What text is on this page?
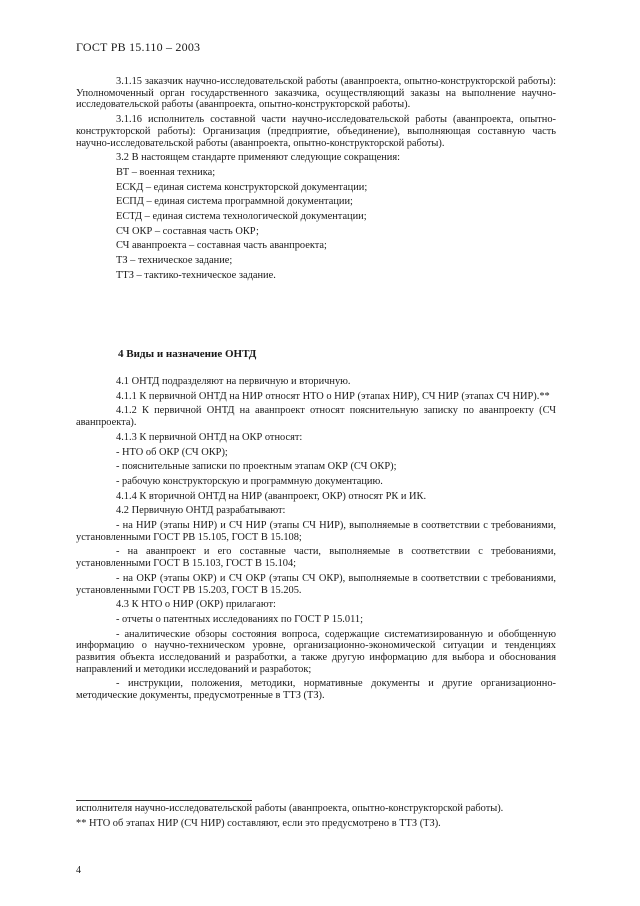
ГОСТ РВ 15.110 – 2003

3.1.15 заказчик научно-исследовательской работы (аванпроекта, опытно-конструкторской работы): Уполномоченный орган государственного заказчика, осуществляющий заказы на выполнение научно-исследовательской работы (аванпроекта, опытно-конструкторской работы).

3.1.16 исполнитель составной части научно-исследовательской работы (аванпроекта, опытно-конструкторской работы): Организация (предприятие, объединение), выполняющая составную часть научно-исследовательской работы (аванпроекта, опытно-конструкторской работы).

3.2 В настоящем стандарте применяют следующие сокращения:

ВТ – военная техника;

ЕСКД – единая система конструкторской документации;

ЕСПД – единая система программной документации;

ЕСТД – единая система технологической документации;

СЧ ОКР – составная часть ОКР;

СЧ аванпроекта – составная часть аванпроекта;

ТЗ – техническое задание;

ТТЗ – тактико-техническое задание.

4 Виды и назначение ОНТД

4.1 ОНТД подразделяют на первичную и вторичную.

4.1.1 К первичной ОНТД на НИР относят НТО о НИР (этапах НИР), СЧ НИР (этапах СЧ НИР).**

4.1.2 К первичной ОНТД на аванпроект относят пояснительную записку по аванпроекту (СЧ аванпроекта).

4.1.3 К первичной ОНТД на ОКР относят:

- НТО об ОКР (СЧ ОКР);

- пояснительные записки по проектным этапам ОКР (СЧ ОКР);

- рабочую конструкторскую и программную документацию.

4.1.4 К вторичной ОНТД на НИР (аванпроект, ОКР) относят РК и ИК.

4.2 Первичную ОНТД разрабатывают:

- на НИР (этапы НИР) и СЧ НИР (этапы СЧ НИР), выполняемые в соответствии с требованиями, установленными ГОСТ РВ 15.105, ГОСТ В 15.108;

- на аванпроект и его составные части, выполняемые в соответствии с требованиями, установленными ГОСТ В 15.103, ГОСТ В 15.104;

- на ОКР (этапы ОКР) и СЧ ОКР (этапы СЧ ОКР), выполняемые в соответствии с требованиями, установленными ГОСТ РВ 15.203, ГОСТ В 15.205.

4.3 К НТО о НИР (ОКР) прилагают:

- отчеты о патентных исследованиях по ГОСТ Р 15.011;

- аналитические обзоры состояния вопроса, содержащие систематизированную и обобщенную информацию о научно-техническом уровне, организационно-экономической ситуации и тенденциях развития объекта исследований и разработки, а также другую информацию для выбора и обоснования направлений и методики исследований и разработок;

- инструкции, положения, методики, нормативные документы и другие организационно-методические документы, предусмотренные в ТТЗ (ТЗ).

исполнителя научно-исследовательской работы (аванпроекта, опытно-конструкторской работы).

** НТО об этапах НИР (СЧ НИР) составляют, если это предусмотрено в ТТЗ (ТЗ).

4
